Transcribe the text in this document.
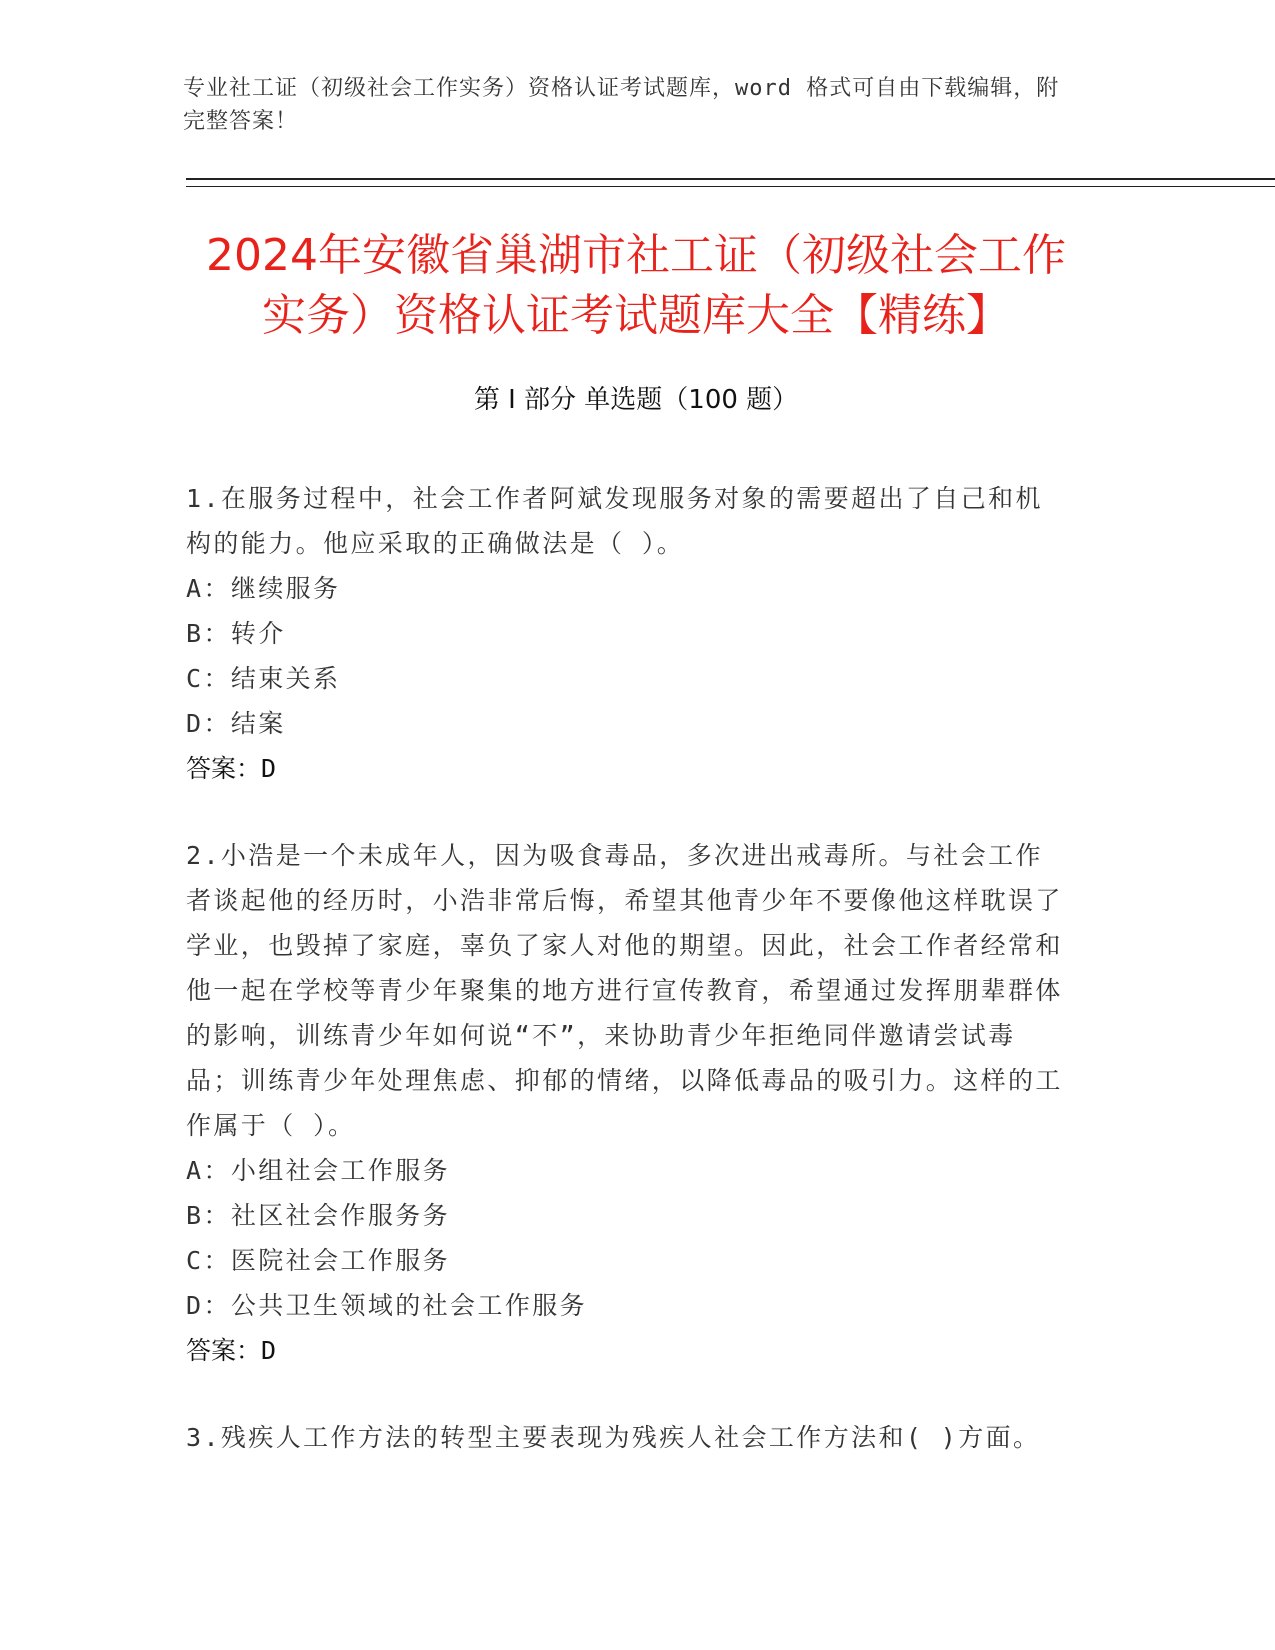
专业社工证（初级社会工作实务）资格认证考试题库，word 格式可自由下载编辑，附完整答案！
2024年安徽省巢湖市社工证（初级社会工作实务）资格认证考试题库大全【精练】
第 I 部分 单选题（100 题）
1.在服务过程中，社会工作者阿斌发现服务对象的需要超出了自己和机构的能力。他应采取的正确做法是（ ）。
A：继续服务
B：转介
C：结束关系
D：结案
答案：D
2.小浩是一个未成年人，因为吸食毒品，多次进出戒毒所。与社会工作者谈起他的经历时，小浩非常后悔，希望其他青少年不要像他这样耽误了学业，也毁掉了家庭，辜负了家人对他的期望。因此，社会工作者经常和他一起在学校等青少年聚集的地方进行宣传教育，希望通过发挥朋辈群体的影响，训练青少年如何说“不”，来协助青少年拒绝同伴邀请尝试毒品；训练青少年处理焦虑、抑郁的情绪，以降低毒品的吸引力。这样的工作属于（ ）。
A：小组社会工作服务
B：社区社会作服务务
C：医院社会工作服务
D：公共卫生领域的社会工作服务
答案：D
3.残疾人工作方法的转型主要表现为残疾人社会工作方法和( )方面。
